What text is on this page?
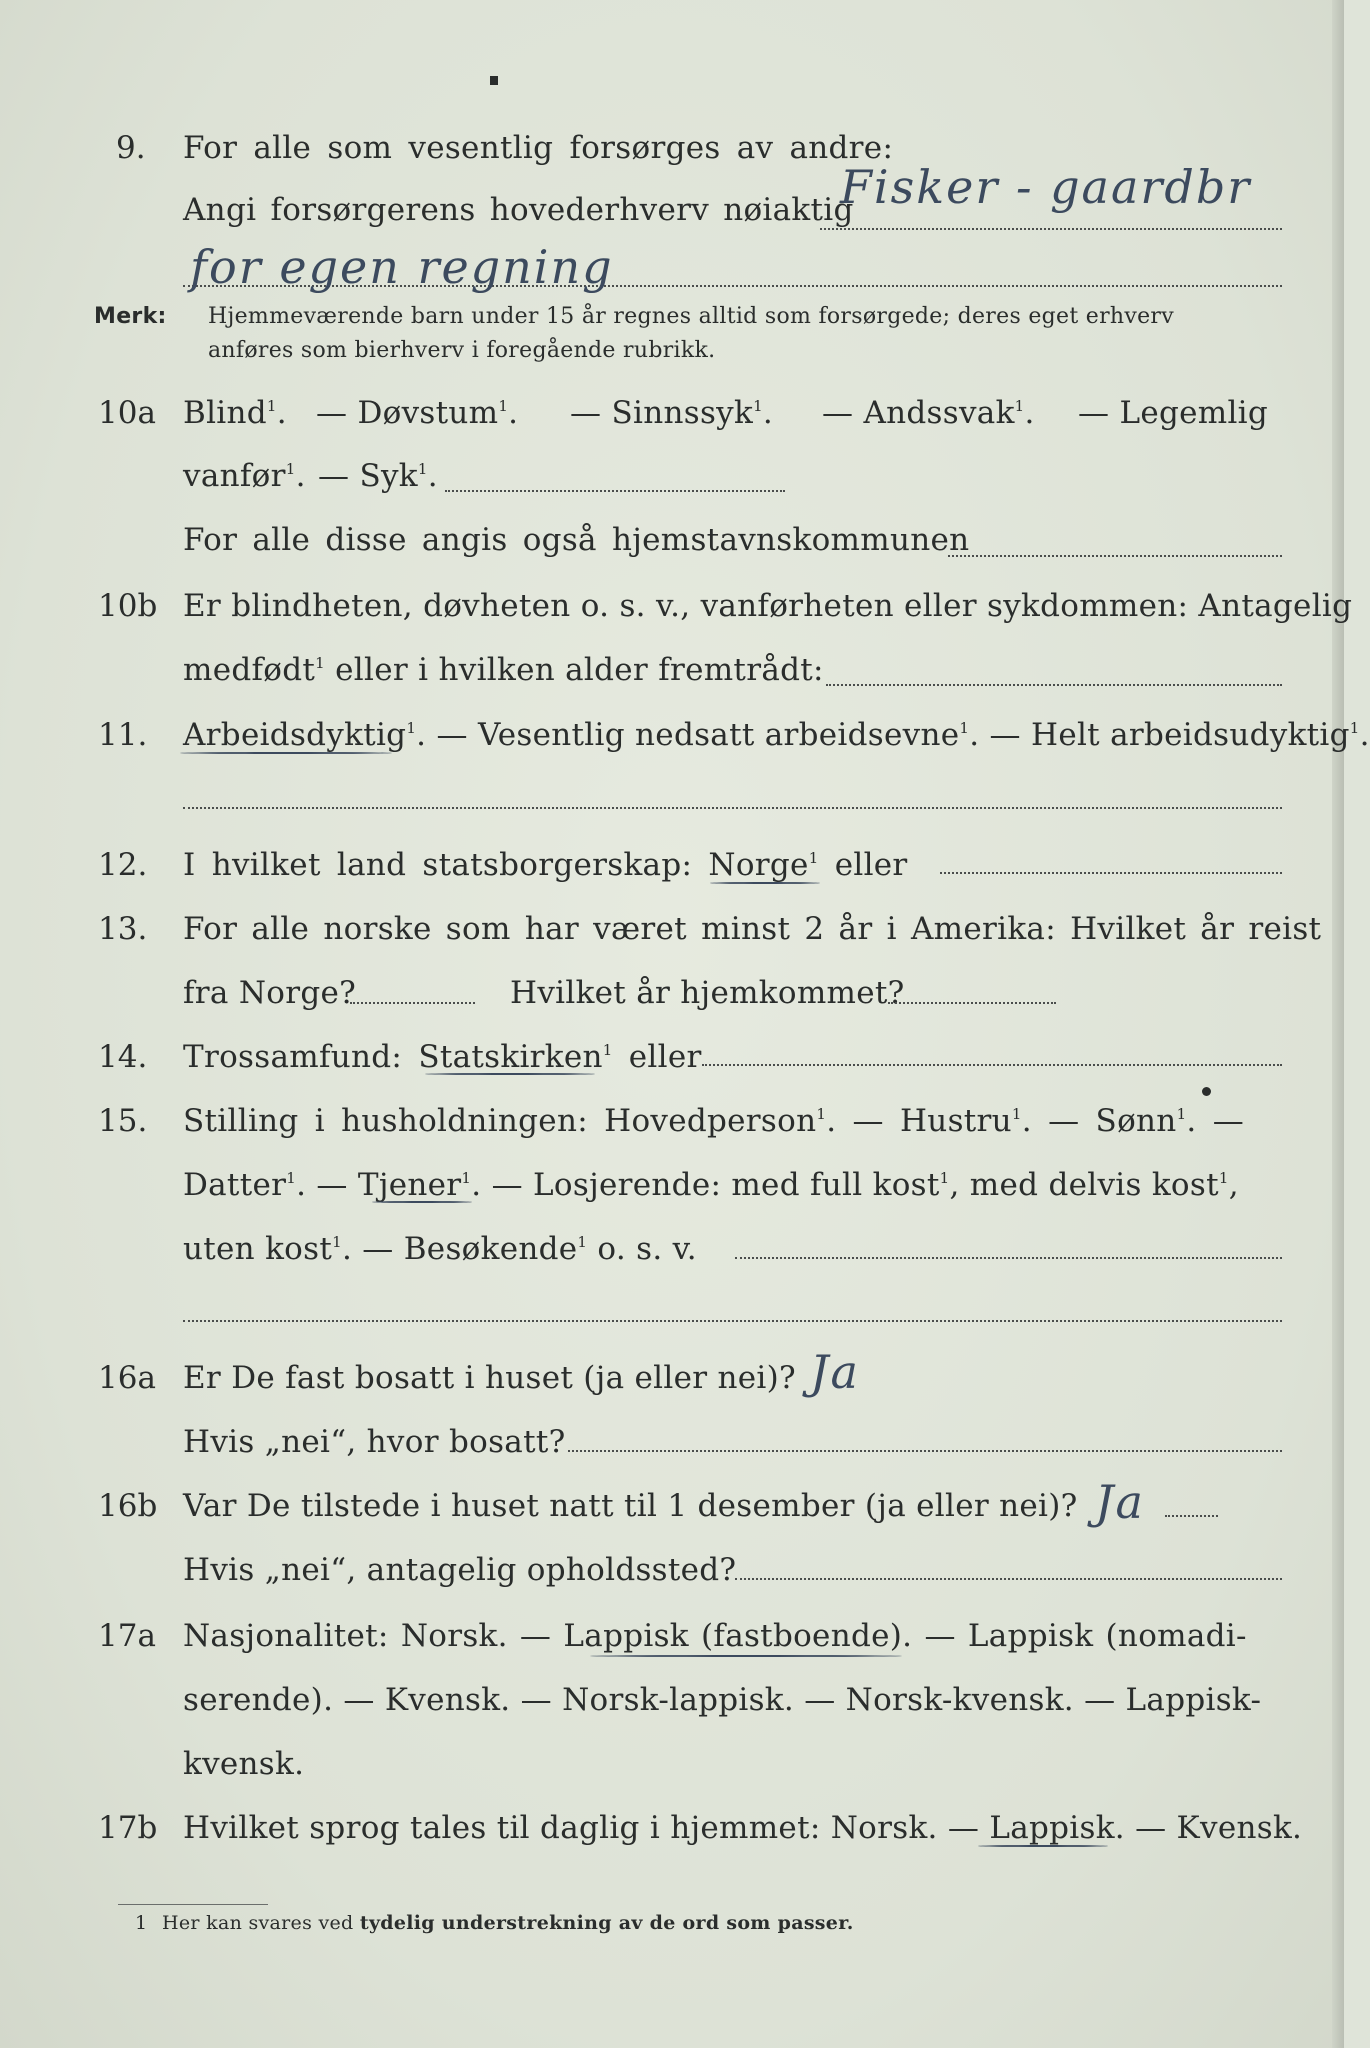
9. For alle som vesentlig forsørges av andre:
Angi forsørgerens hovederhverv nøiaktig
Fisker - gaardbr
for egen regning
Merk: Hjemmeværende barn under 15 år regnes alltid som forsørgede; deres eget erhverv
anføres som bierhverv i foregående rubrikk.
10a Blind$^1$. — Døvstum$^1$. — Sinnssyk$^1$. — Andssvak$^1$. — Legemlig
vanfør$^1$. — Syk$^1$.
For alle disse angis også hjemstavnskommunen
10b Er blindheten, døvheten o. s. v., vanførheten eller sykdommen: Antagelig
medfødt$^1$ eller i hvilken alder fremtrådt:
11. Arbeidsdyktig$^1$. — Vesentlig nedsatt arbeidsevne$^1$. — Helt arbeidsudyktig$^1$.
12. I hvilket land statsborgerskap: Norge$^1$ eller
13. For alle norske som har været minst 2 år i Amerika: Hvilket år reist
fra Norge?	Hvilket år hjemkommet?
14. Trossamfund: Statskirken$^1$ eller
15. Stilling i husholdningen: Hovedperson$^1$. — Hustru$^1$. — Sønn$^1$. —
Datter$^1$. — Tjener$^1$. — Losjerende: med full kost$^1$, med delvis kost$^1$,
uten kost$^1$. — Besøkende$^1$ o. s. v.
16a Er De fast bosatt i huset (ja eller nei)? Ja
Hvis „nei“, hvor bosatt?
16b Var De tilstede i huset natt til 1 desember (ja eller nei)? Ja
Hvis „nei“, antagelig opholdssted?
17a Nasjonalitet: Norsk. — Lappisk (fastboende). — Lappisk (nomadi-
serende). — Kvensk. — Norsk-lappisk. — Norsk-kvensk. — Lappisk-
kvensk.
17b Hvilket sprog tales til daglig i hjemmet: Norsk. — Lappisk. — Kvensk.
1 Her kan svares ved tydelig understrekning av de ord som passer.
